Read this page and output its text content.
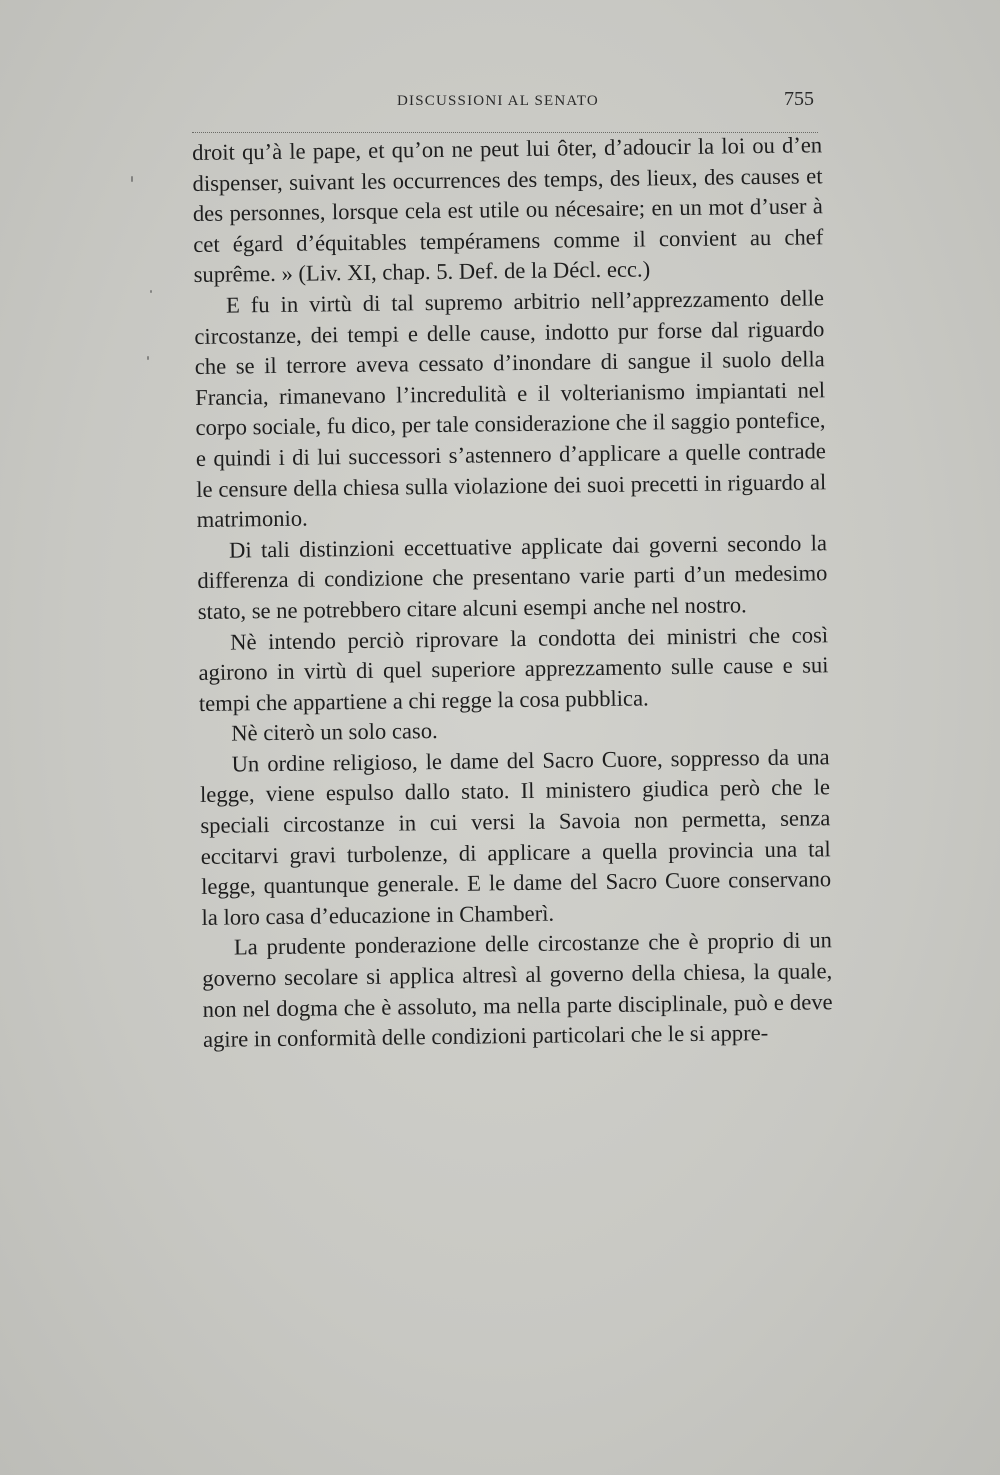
DISCUSSIONI AL SENATO	755

droit qu’à le pape, et qu’on ne peut lui ôter, d’adoucir la loi ou d’en dispenser, suivant les occurrences des temps, des lieux, des causes et des personnes, lorsque cela est utile ou nécesaire; en un mot d’user à cet égard d’équitables tempéramens comme il convient au chef suprême. » (Liv. XI, chap. 5. Def. de la Décl. ecc.)

E fu in virtù di tal supremo arbitrio nell’apprezzamento delle circostanze, dei tempi e delle cause, indotto pur forse dal riguardo che se il terrore aveva cessato d’inondare di sangue il suolo della Francia, rimanevano l’incredulità e il volterianismo impiantati nel corpo sociale, fu dico, per tale considerazione che il saggio pontefice, e quindi i di lui successori s’astennero d’applicare a quelle contrade le censure della chiesa sulla violazione dei suoi precetti in riguardo al matrimonio.

Di tali distinzioni eccettuative applicate dai governi secondo la differenza di condizione che presentano varie parti d’un medesimo stato, se ne potrebbero citare alcuni esempi anche nel nostro.

Nè intendo perciò riprovare la condotta dei ministri che così agirono in virtù di quel superiore apprezzamento sulle cause e sui tempi che appartiene a chi regge la cosa pubblica.

Nè citerò un solo caso.

Un ordine religioso, le dame del Sacro Cuore, soppresso da una legge, viene espulso dallo stato. Il ministero giudica però che le speciali circostanze in cui versi la Savoia non permetta, senza eccitarvi gravi turbolenze, di applicare a quella provincia una tal legge, quantunque generale. E le dame del Sacro Cuore conservano la loro casa d’educazione in Chamberì.

La prudente ponderazione delle circostanze che è proprio di un governo secolare si applica altresì al governo della chiesa, la quale, non nel dogma che è assoluto, ma nella parte disciplinale, può e deve agire in conformità delle condizioni particolari che le si appre-
